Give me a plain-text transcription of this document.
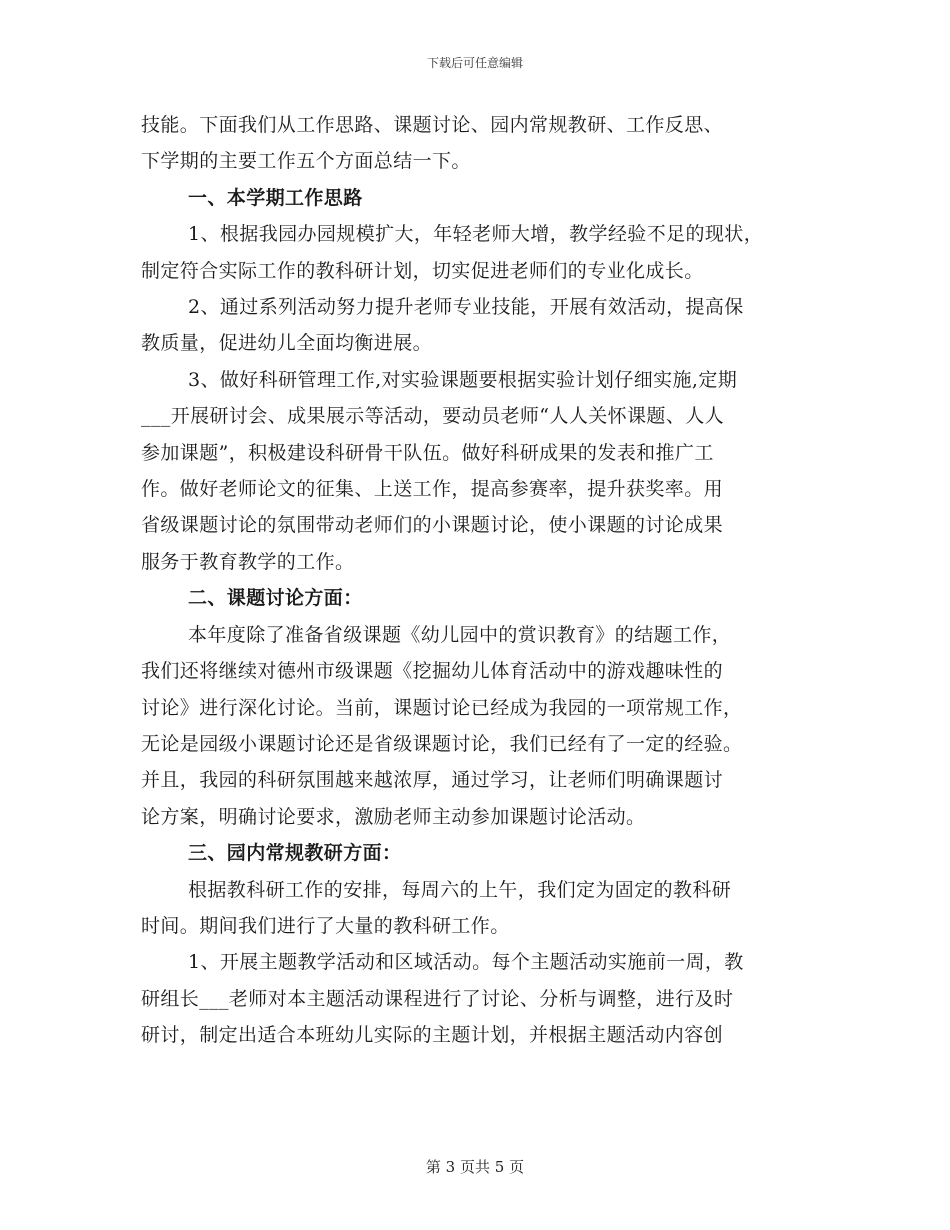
下载后可任意编辑

技能。下面我们从工作思路、课题讨论、园内常规教研、工作反思、

下学期的主要工作五个方面总结一下。

一、本学期工作思路

1、根据我园办园规模扩大，年轻老师大增，教学经验不足的现状，

制定符合实际工作的教科研计划，切实促进老师们的专业化成长。

2、通过系列活动努力提升老师专业技能，开展有效活动，提高保

教质量，促进幼儿全面均衡进展。

3、做好科研管理工作,对实验课题要根据实验计划仔细实施,定期

___开展研讨会、成果展示等活动，要动员老师“人人关怀课题、人人

参加课题”，积极建设科研骨干队伍。做好科研成果的发表和推广工

作。做好老师论文的征集、上送工作，提高参赛率，提升获奖率。用

省级课题讨论的氛围带动老师们的小课题讨论，使小课题的讨论成果

服务于教育教学的工作。

二、课题讨论方面：

本年度除了准备省级课题《幼儿园中的赏识教育》的结题工作，

我们还将继续对德州市级课题《挖掘幼儿体育活动中的游戏趣味性的

讨论》进行深化讨论。当前，课题讨论已经成为我园的一项常规工作，

无论是园级小课题讨论还是省级课题讨论，我们已经有了一定的经验。

并且，我园的科研氛围越来越浓厚，通过学习，让老师们明确课题讨

论方案，明确讨论要求，激励老师主动参加课题讨论活动。

三、园内常规教研方面：

根据教科研工作的安排，每周六的上午，我们定为固定的教科研

时间。期间我们进行了大量的教科研工作。

1、开展主题教学活动和区域活动。每个主题活动实施前一周，教

研组长___老师对本主题活动课程进行了讨论、分析与调整，进行及时

研讨，制定出适合本班幼儿实际的主题计划，并根据主题活动内容创

第 3 页共 5 页
